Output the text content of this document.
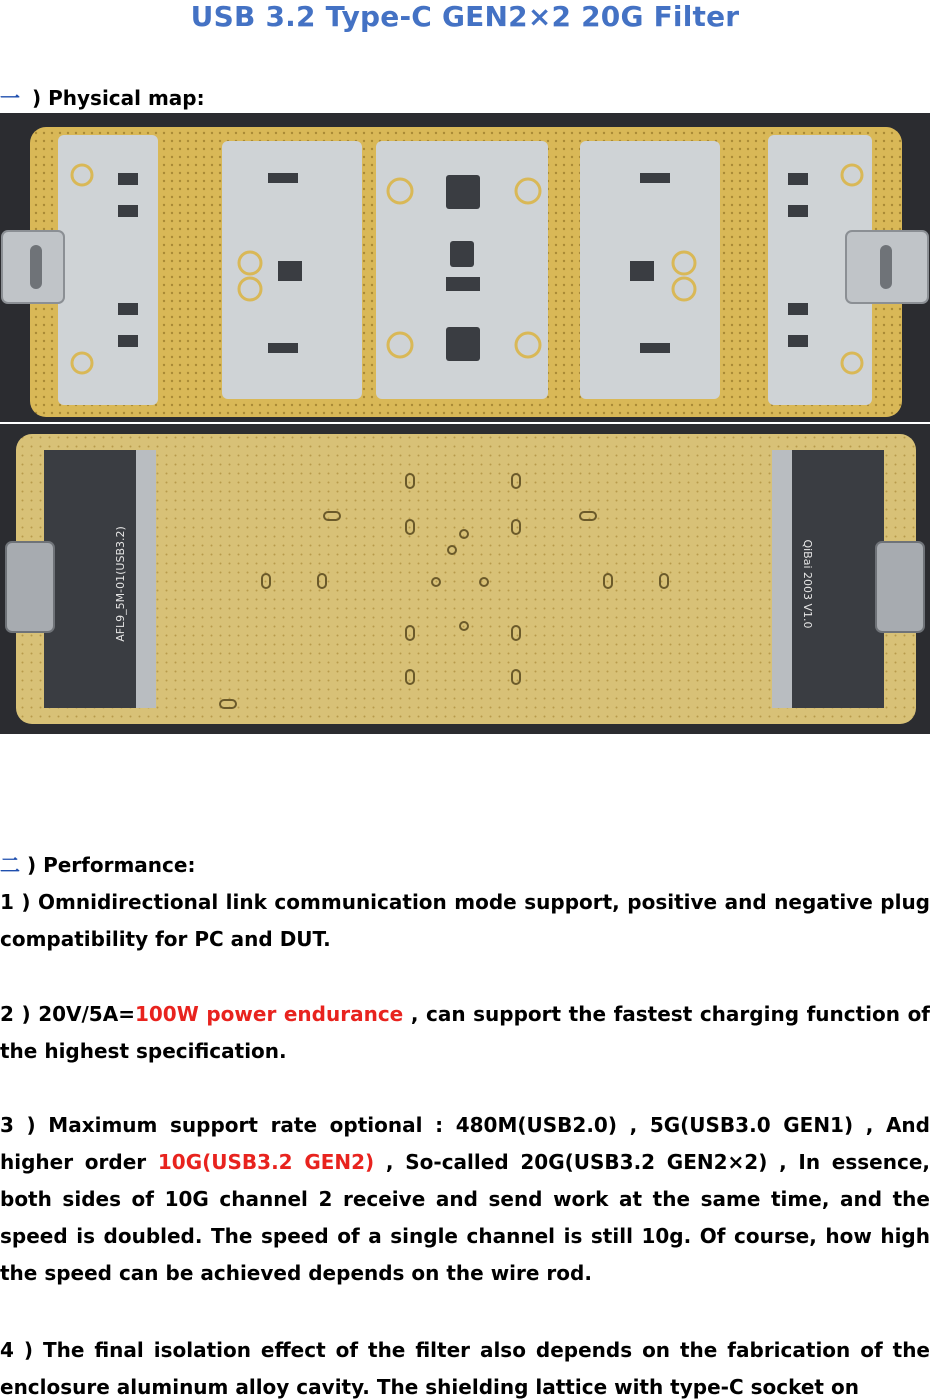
USB 3.2 Type-C GEN2×2 20G Filter
一 ) Physical map:
AFL9_5M-01(USB3.2)	QiBai 2003 V1.0
二 ) Performance:
1 ) Omnidirectional link communication mode support, positive and negative plug compatibility for PC and DUT.
2 ) 20V/5A=100W power endurance , can support the fastest charging function of the highest specification.
3 ) Maximum support rate optional : 480M(USB2.0) , 5G(USB3.0 GEN1) , And higher order 10G(USB3.2 GEN2) , So-called 20G(USB3.2 GEN2×2) , In essence, both sides of 10G channel 2 receive and send work at the same time, and the speed is doubled. The speed of a single channel is still 10g. Of course, how high the speed can be achieved depends on the wire rod.
4 ) The final isolation effect of the filter also depends on the fabrication of the enclosure aluminum alloy cavity. The shielding lattice with type-C socket on
